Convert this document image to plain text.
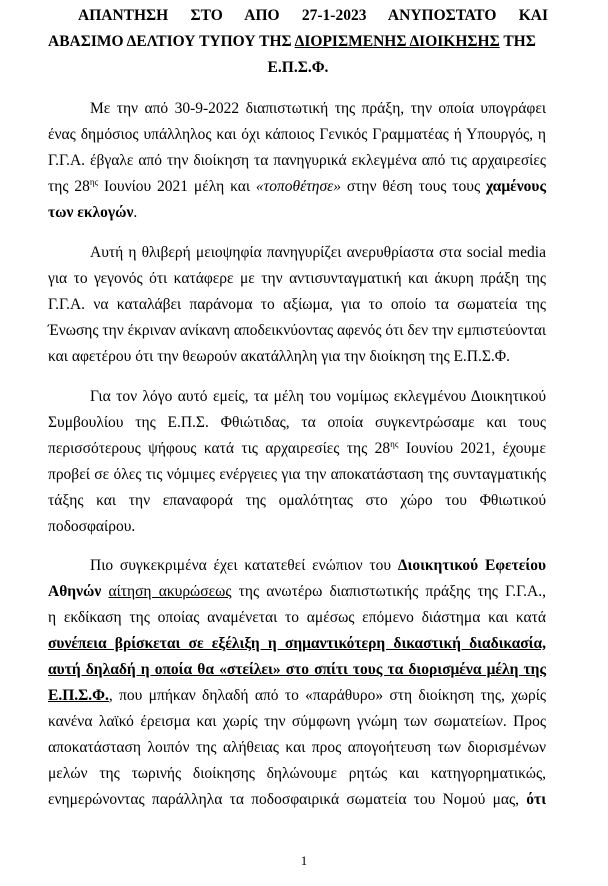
ΑΠΑΝΤΗΣΗ ΣΤΟ ΑΠΟ 27-1-2023 ΑΝΥΠΟΣΤΑΤΟ ΚΑΙ
ΑΒΑΣΙΜΟ ΔΕΛΤΙΟΥ ΤΥΠΟΥ ΤΗΣ ΔΙΟΡΙΣΜΕΝΗΣ ΔΙΟΙΚΗΣΗΣ ΤΗΣ
Ε.Π.Σ.Φ.
Με την από 30-9-2022 διαπιστωτική της πράξη, την οποία υπογράφει
ένας δημόσιος υπάλληλος και όχι κάποιος Γενικός Γραμματέας ή Υπουργός, η
Γ.Γ.Α. έβγαλε από την διοίκηση τα πανηγυρικά εκλεγμένα από τις αρχαιρεσίες
της $28^{\eta\varsigma}$ Ιουνίου 2021 μέλη και «τοποθέτησε» στην θέση τους τους χαμένους
των εκλογών.
Αυτή η θλιβερή μειοψηφία πανηγυρίζει ανερυθρίαστα στα social media
για το γεγονός ότι κατάφερε με την αντισυνταγματική και άκυρη πράξη της
Γ.Γ.Α. να καταλάβει παράνομα το αξίωμα, για το οποίο τα σωματεία της
Ένωσης την έκριναν ανίκανη αποδεικνύοντας αφενός ότι δεν την εμπιστεύονται
και αφετέρου ότι την θεωρούν ακατάλληλη για την διοίκηση της Ε.Π.Σ.Φ.
Για τον λόγο αυτό εμείς, τα μέλη του νομίμως εκλεγμένου Διοικητικού
Συμβουλίου της Ε.Π.Σ. Φθιώτιδας, τα οποία συγκεντρώσαμε και τους
περισσότερους ψήφους κατά τις αρχαιρεσίες της $28^{\eta\varsigma}$ Ιουνίου 2021, έχουμε
προβεί σε όλες τις νόμιμες ενέργειες για την αποκατάσταση της συνταγματικής
τάξης και την επαναφορά της ομαλότητας στο χώρο του Φθιωτικού
ποδοσφαίρου.
Πιο συγκεκριμένα έχει κατατεθεί ενώπιον του Διοικητικού Εφετείου
Αθηνών αίτηση ακυρώσεως της ανωτέρω διαπιστωτικής πράξης της Γ.Γ.Α.,
η εκδίκαση της οποίας αναμένεται το αμέσως επόμενο διάστημα και κατά
συνέπεια βρίσκεται σε εξέλιξη η σημαντικότερη δικαστική διαδικασία,
αυτή δηλαδή η οποία θα «στείλει» στο σπίτι τους τα διορισμένα μέλη της
Ε.Π.Σ.Φ., που μπήκαν δηλαδή από το «παράθυρο» στη διοίκηση της, χωρίς
κανένα λαϊκό έρεισμα και χωρίς την σύμφωνη γνώμη των σωματείων. Προς
αποκατάσταση λοιπόν της αλήθειας και προς απογοήτευση των διορισμένων
μελών της τωρινής διοίκησης δηλώνουμε ρητώς και κατηγορηματικώς,
ενημερώνοντας παράλληλα τα ποδοσφαιρικά σωματεία του Νομού μας, ότι
1
